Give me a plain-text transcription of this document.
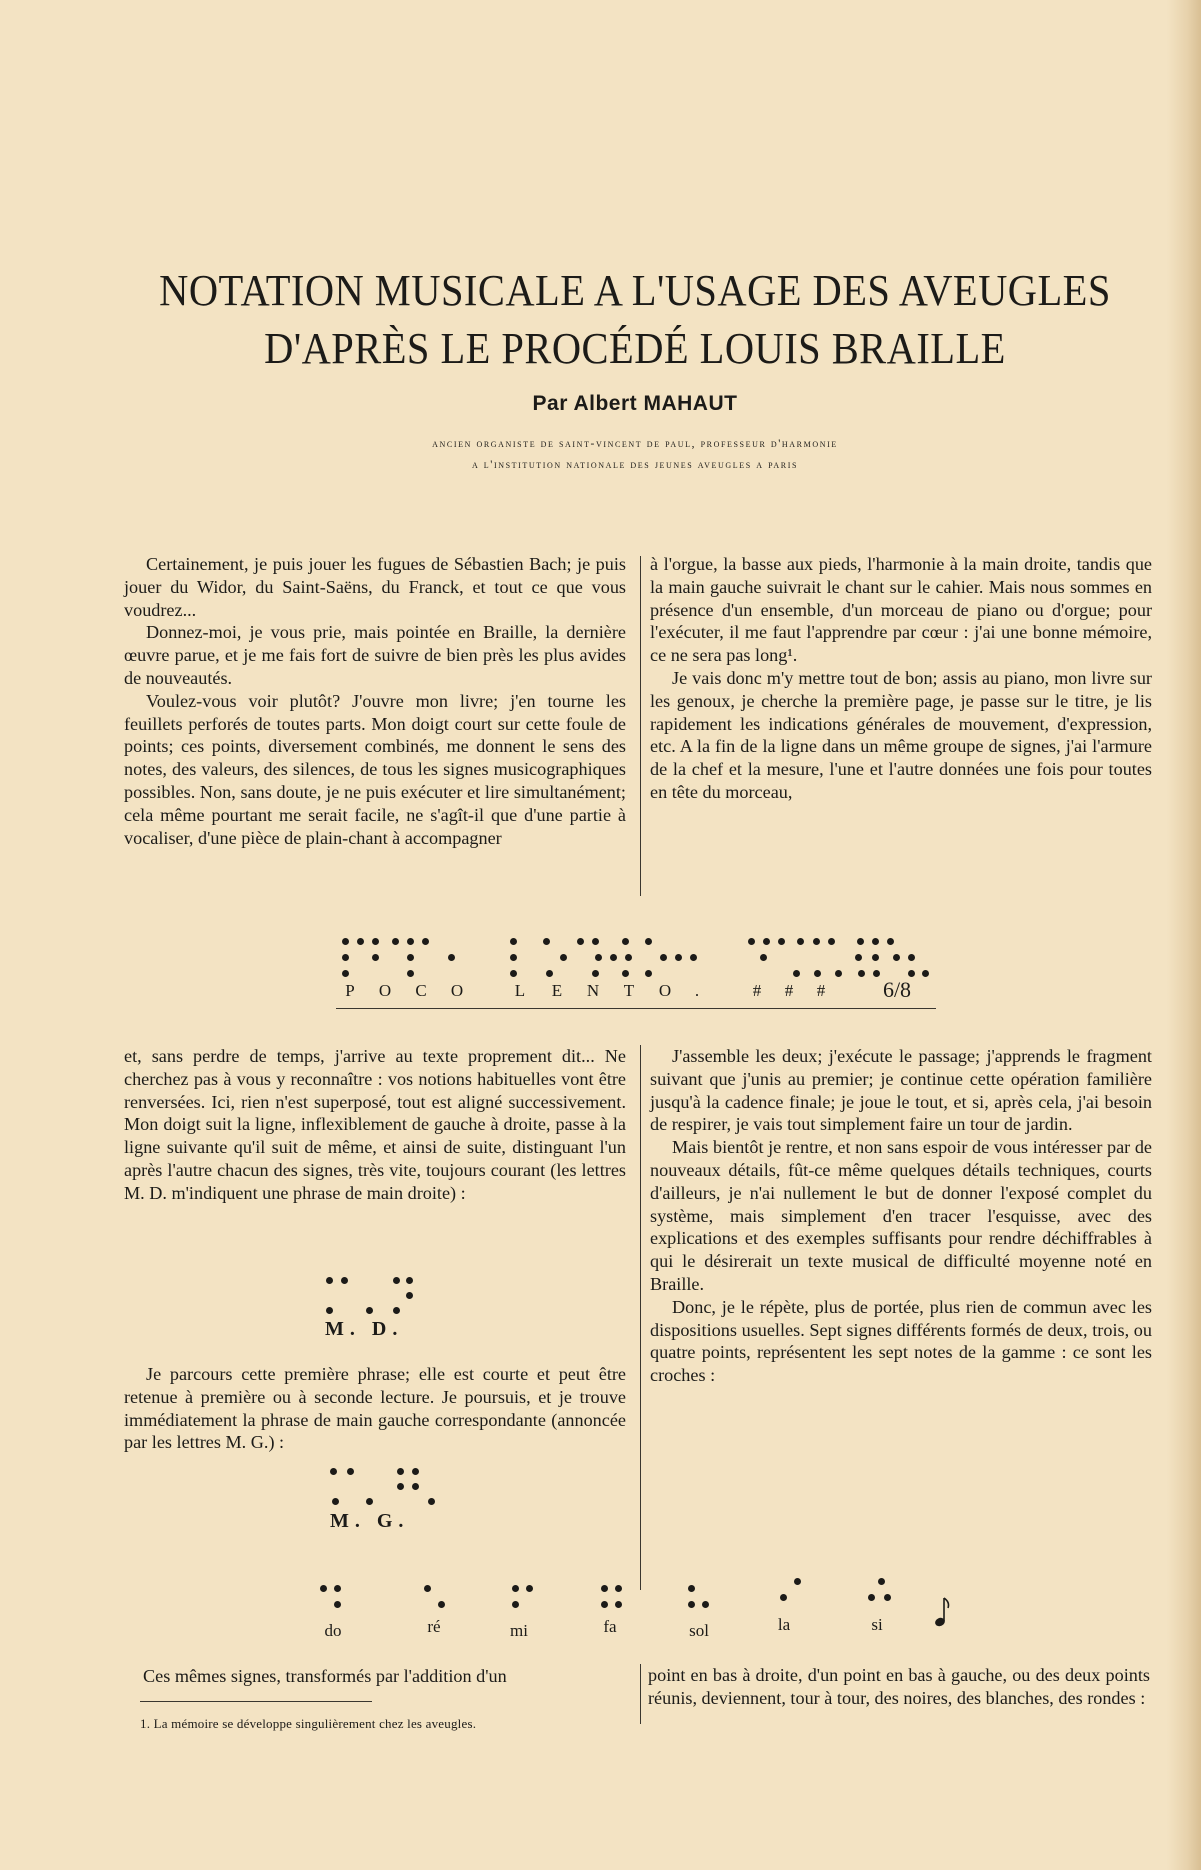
NOTATION MUSICALE A L'USAGE DES AVEUGLES
D'APRÈS LE PROCÉDÉ LOUIS BRAILLE
Par Albert MAHAUT
ancien organiste de saint-vincent de paul, professeur d'harmonie
a l'institution nationale des jeunes aveugles a paris

Certainement, je puis jouer les fugues de Sébastien Bach; je puis jouer du Widor, du Saint-Saëns, du Franck, et tout ce que vous voudrez...

Donnez-moi, je vous prie, mais pointée en Braille, la dernière œuvre parue, et je me fais fort de suivre de bien près les plus avides de nouveautés.

Voulez-vous voir plutôt? J'ouvre mon livre; j'en tourne les feuillets perforés de toutes parts. Mon doigt court sur cette foule de points; ces points, diversement combinés, me donnent le sens des notes, des valeurs, des silences, de tous les signes musicographiques possibles. Non, sans doute, je ne puis exécuter et lire simultanément; cela même pourtant me serait facile, ne s'agît-il que d'une partie à vocaliser, d'une pièce de plain-chant à accompagner

à l'orgue, la basse aux pieds, l'harmonie à la main droite, tandis que la main gauche suivrait le chant sur le cahier. Mais nous sommes en présence d'un ensemble, d'un morceau de piano ou d'orgue; pour l'exécuter, il me faut l'apprendre par cœur : j'ai une bonne mémoire, ce ne sera pas long¹.

Je vais donc m'y mettre tout de bon; assis au piano, mon livre sur les genoux, je cherche la première page, je passe sur le titre, je lis rapidement les indications générales de mouvement, d'expression, etc. A la fin de la ligne dans un même groupe de signes, j'ai l'armure de la chef et la mesure, l'une et l'autre données une fois pour toutes en tête du morceau,

P	O	C	O	L	E	N	T	O	.	#	#	#	6/8

et, sans perdre de temps, j'arrive au texte proprement dit... Ne cherchez pas à vous y reconnaître : vos notions habituelles vont être renversées. Ici, rien n'est superposé, tout est aligné successivement. Mon doigt suit la ligne, inflexiblement de gauche à droite, passe à la ligne suivante qu'il suit de même, et ainsi de suite, distinguant l'un après l'autre chacun des signes, très vite, toujours courant (les lettres M. D. m'indiquent une phrase de main droite) :

M. D.

Je parcours cette première phrase; elle est courte et peut être retenue à première ou à seconde lecture. Je poursuis, et je trouve immédiatement la phrase de main gauche correspondante (annoncée par les lettres M. G.) :

M. G.

J'assemble les deux; j'exécute le passage; j'apprends le fragment suivant que j'unis au premier; je continue cette opération familière jusqu'à la cadence finale; je joue le tout, et si, après cela, j'ai besoin de respirer, je vais tout simplement faire un tour de jardin.

Mais bientôt je rentre, et non sans espoir de vous intéresser par de nouveaux détails, fût-ce même quelques détails techniques, courts d'ailleurs, je n'ai nullement le but de donner l'exposé complet du système, mais simplement d'en tracer l'esquisse, avec des explications et des exemples suffisants pour rendre déchiffrables à qui le désirerait un texte musical de difficulté moyenne noté en Braille.

Donc, je le répète, plus de portée, plus rien de commun avec les dispositions usuelles. Sept signes différents formés de deux, trois, ou quatre points, représentent les sept notes de la gamme : ce sont les croches :

do	ré	mi	fa	sol	la	si
Ces mêmes signes, transformés par l'addition d'un
1. La mémoire se développe singulièrement chez les aveugles.

point en bas à droite, d'un point en bas à gauche, ou des deux points réunis, deviennent, tour à tour, des noires, des blanches, des rondes :
